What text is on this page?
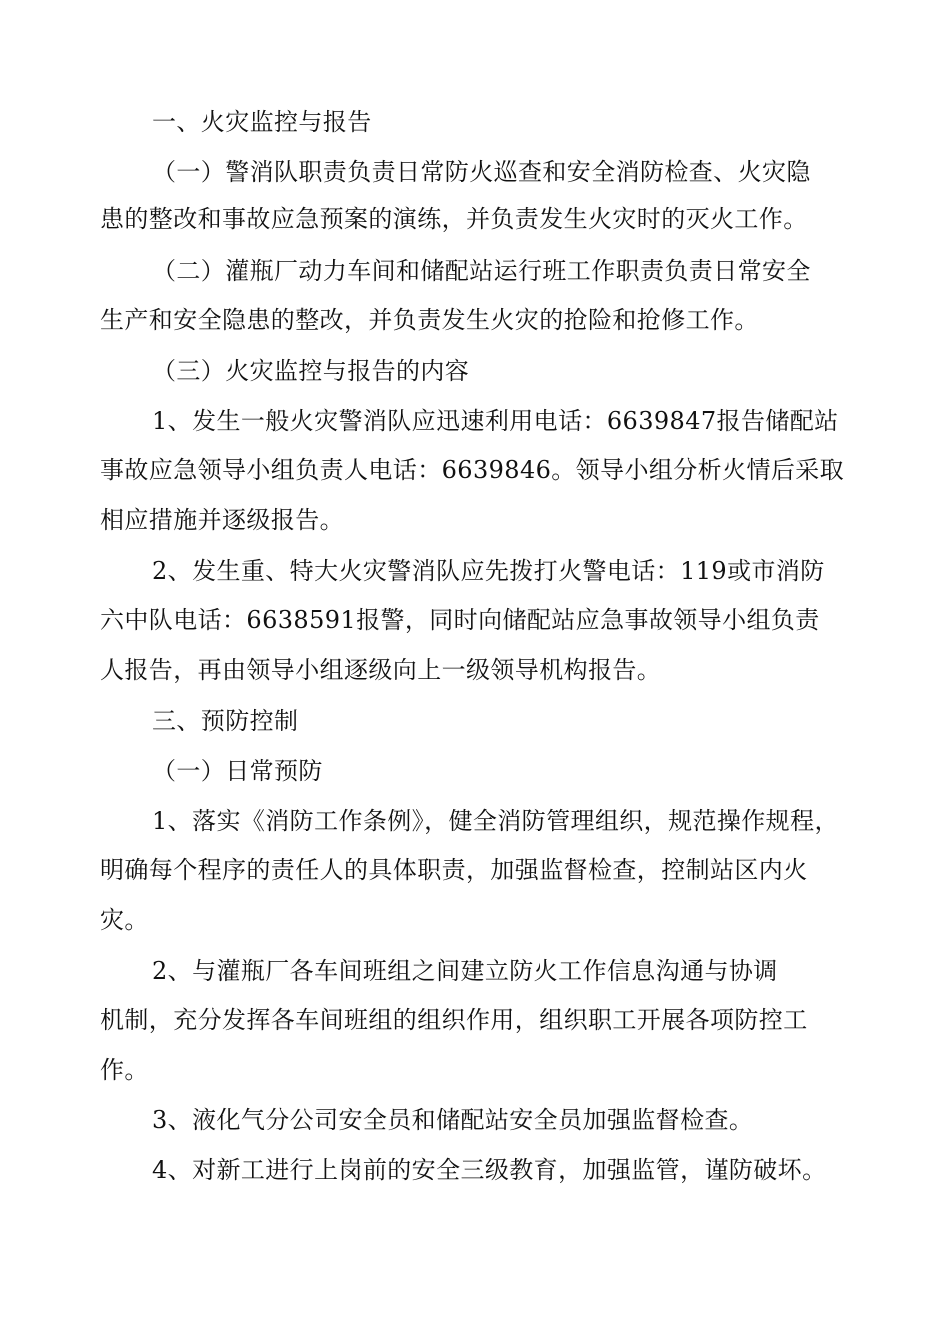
一、火灾监控与报告
（一）警消队职责负责日常防火巡查和安全消防检查、火灾隐
患的整改和事故应急预案的演练，并负责发生火灾时的灭火工作。
（二）灌瓶厂动力车间和储配站运行班工作职责负责日常安全
生产和安全隐患的整改，并负责发生火灾的抢险和抢修工作。
（三）火灾监控与报告的内容
1、发生一般火灾警消队应迅速利用电话：6639847报告储配站
事故应急领导小组负责人电话：6639846。领导小组分析火情后采取
相应措施并逐级报告。
2、发生重、特大火灾警消队应先拨打火警电话：119或市消防
六中队电话：6638591报警，同时向储配站应急事故领导小组负责
人报告，再由领导小组逐级向上一级领导机构报告。
三、预防控制
（一）日常预防
1、落实《消防工作条例》，健全消防管理组织，规范操作规程，
明确每个程序的责任人的具体职责，加强监督检查，控制站区内火
灾。
2、与灌瓶厂各车间班组之间建立防火工作信息沟通与协调
机制，充分发挥各车间班组的组织作用，组织职工开展各项防控工
作。
3、液化气分公司安全员和储配站安全员加强监督检查。
4、对新工进行上岗前的安全三级教育，加强监管，谨防破坏。
